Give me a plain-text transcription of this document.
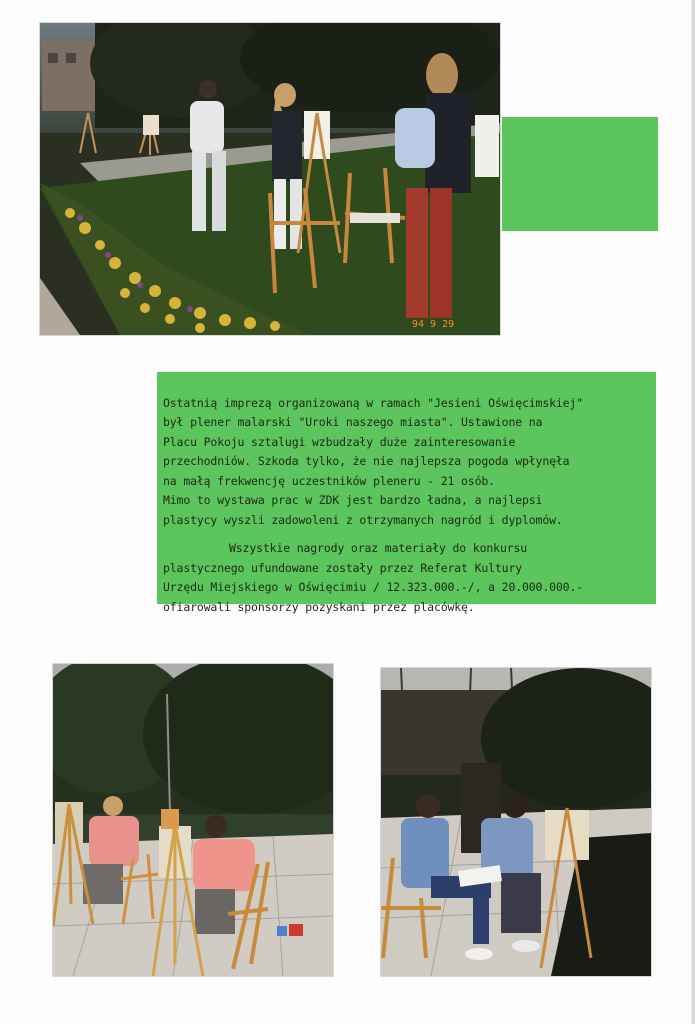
94 9 29

Ostatnią imprezą organizowaną w ramach "Jesieni Oświęcimskiej"
był plener malarski "Uroki naszego miasta". Ustawione na
Placu Pokoju sztalugi wzbudzały duże zainteresowanie
przechodniów. Szkoda tylko, że nie najlepsza pogoda wpłynęła
na małą frekwencję uczestników pleneru - 21 osób.
Mimo to wystawa prac w ZDK jest bardzo ładna, a najlepsi
plastycy wyszli zadowoleni z otrzymanych nagród i dyplomów.

Wszystkie nagrody oraz materiały do konkursu
plastycznego ufundowane zostały przez Referat Kultury
Urzędu Miejskiego w Oświęcimiu / 12.323.000.-/, a 20.000.000.-
ofiarowali sponsorzy pozyskani przez placówkę.
